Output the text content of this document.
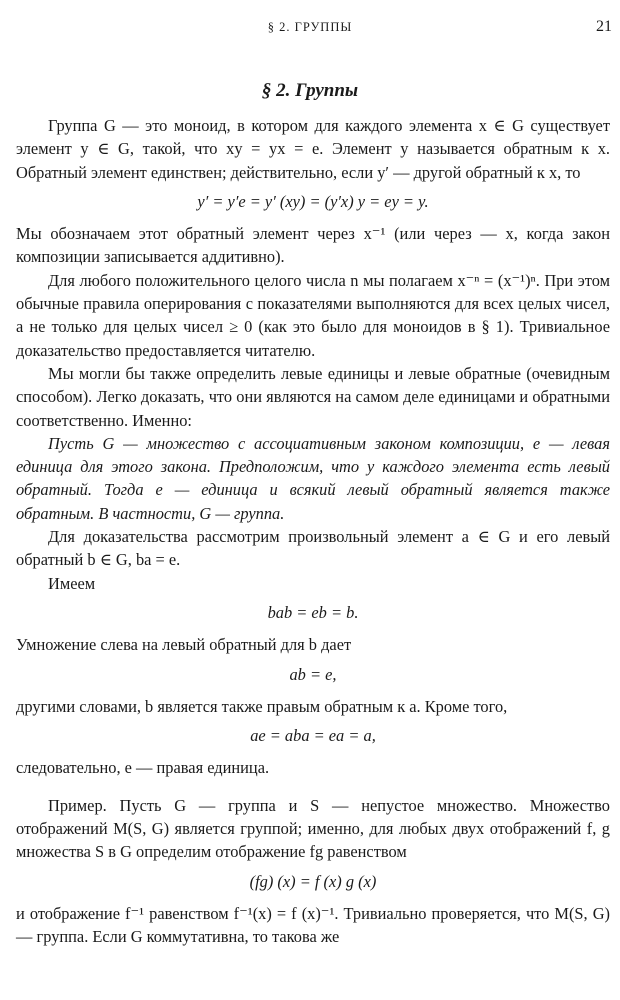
§ 2. ГРУППЫ	21
§ 2. Группы

Группа G — это моноид, в котором для каждого элемента x ∈ G существует элемент y ∈ G, такой, что xy = yx = e. Элемент y называется обратным к x. Обратный элемент единствен; действительно, если y′ — другой обратный к x, то

y′ = y′e = y′ (xy) = (y′x) y = ey = y.

Мы обозначаем этот обратный элемент через x⁻¹ (или через — x, когда закон композиции записывается аддитивно).

Для любого положительного целого числа n мы полагаем x⁻ⁿ = (x⁻¹)ⁿ. При этом обычные правила оперирования с показателями выполняются для всех целых чисел, а не только для целых чисел ≥ 0 (как это было для моноидов в § 1). Тривиальное доказательство предоставляется читателю.

Мы могли бы также определить левые единицы и левые обратные (очевидным способом). Легко доказать, что они являются на самом деле единицами и обратными соответственно. Именно:

Пусть G — множество с ассоциативным законом композиции, e — левая единица для этого закона. Предположим, что у каждого элемента есть левый обратный. Тогда e — единица и всякий левый обратный является также обратным. В частности, G — группа.

Для доказательства рассмотрим произвольный элемент a ∈ G и его левый обратный b ∈ G, ba = e.

Имеем

bab = eb = b.

Умножение слева на левый обратный для b дает

ab = e,

другими словами, b является также правым обратным к a. Кроме того,

ae = aba = ea = a,

следовательно, e — правая единица.

Пример. Пусть G — группа и S — непустое множество. Множество отображений M(S, G) является группой; именно, для любых двух отображений f, g множества S в G определим отображение fg равенством

(fg) (x) = f (x) g (x)

и отображение f⁻¹ равенством f⁻¹(x) = f (x)⁻¹. Тривиально проверяется, что M(S, G) — группа. Если G коммутативна, то такова же
